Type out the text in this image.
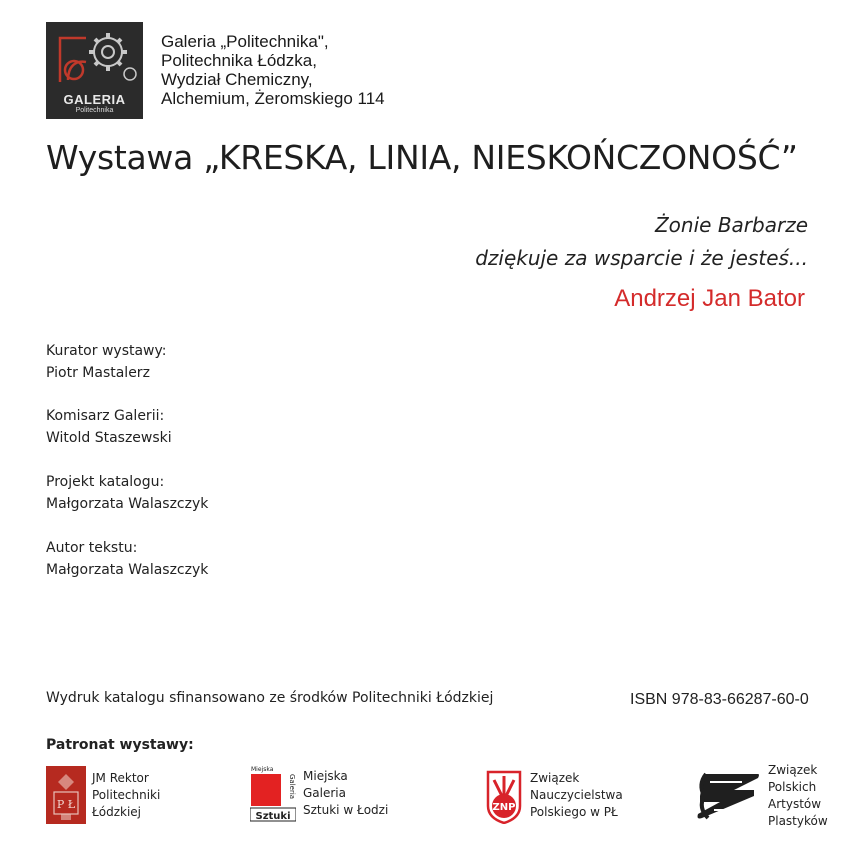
GALERIA
Politechnika
Galeria „Politechnika",
Politechnika Łódzka,
Wydział Chemiczny,
Alchemium, Żeromskiego 114
Wystawa „KRESKA, LINIA, NIESKOŃCZONOŚĆ”
Żonie Barbarze
dziękuje za wsparcie i że jesteś...
Andrzej Jan Bator
Kurator wystawy:
Piotr Mastalerz
Komisarz Galerii:
Witold Staszewski
Projekt katalogu:
Małgorzata Walaszczyk
Autor tekstu:
Małgorzata Walaszczyk
Wydruk katalogu sfinansowano ze środków Politechniki Łódzkiej	ISBN 978-83-66287-60-0
Patronat wystawy:
P Ł
JM Rektor
Politechniki
Łódzkiej
Miejska
Galeria
Sztuki
Miejska
Galeria
Sztuki w Łodzi	ZNP
Związek
Nauczycielstwa
Polskiego w PŁ
Związek
Polskich
Artystów
Plastyków
